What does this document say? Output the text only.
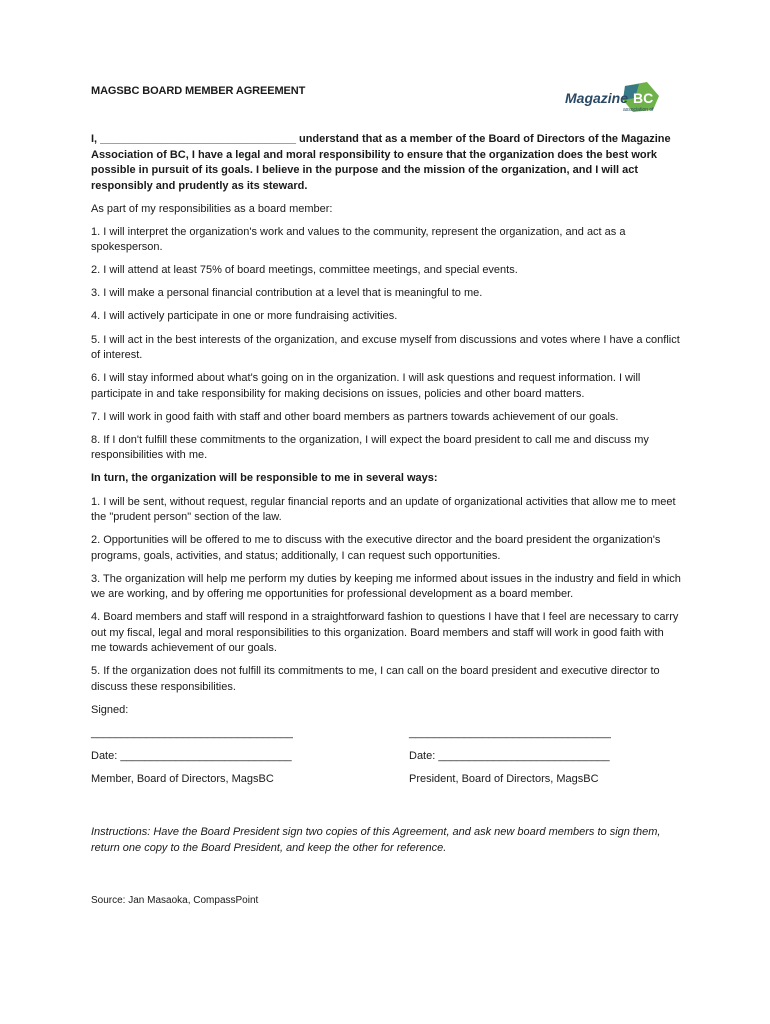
MAGSBC BOARD MEMBER AGREEMENT	Magazine BC
association of

I, ________________________________ understand that as a member of the Board of Directors of the Magazine Association of BC, I have a legal and moral responsibility to ensure that the organization does the best work possible in pursuit of its goals. I believe in the purpose and the mission of the organization, and I will act responsibly and prudently as its steward.

As part of my responsibilities as a board member:

1. I will interpret the organization's work and values to the community, represent the organization, and act as a spokesperson.

2. I will attend at least 75% of board meetings, committee meetings, and special events.

3. I will make a personal financial contribution at a level that is meaningful to me.

4. I will actively participate in one or more fundraising activities.

5. I will act in the best interests of the organization, and excuse myself from discussions and votes where I have a conflict of interest.

6. I will stay informed about what's going on in the organization. I will ask questions and request information. I will participate in and take responsibility for making decisions on issues, policies and other board matters.

7. I will work in good faith with staff and other board members as partners towards achievement of our goals.

8. If I don't fulfill these commitments to the organization, I will expect the board president to call me and discuss my responsibilities with me.

In turn, the organization will be responsible to me in several ways:

1. I will be sent, without request, regular financial reports and an update of organizational activities that allow me to meet the "prudent person" section of the law.

2. Opportunities will be offered to me to discuss with the executive director and the board president the organization's programs, goals, activities, and status; additionally, I can request such opportunities.

3. The organization will help me perform my duties by keeping me informed about issues in the industry and field in which we are working, and by offering me opportunities for professional development as a board member.

4. Board members and staff will respond in a straightforward fashion to questions I have that I feel are necessary to carry out my fiscal, legal and moral responsibilities to this organization. Board members and staff will work in good faith with me towards achievement of our goals.

5. If the organization does not fulfill its commitments to me, I can call on the board president and executive director to discuss these responsibilities.

Signed:

_________________________________

Date: ____________________________

Member, Board of Directors, MagsBC

_________________________________

Date: ____________________________

President, Board of Directors, MagsBC

Instructions: Have the Board President sign two copies of this Agreement, and ask new board members to sign them, return one copy to the Board President, and keep the other for reference.

Source: Jan Masaoka, CompassPoint
